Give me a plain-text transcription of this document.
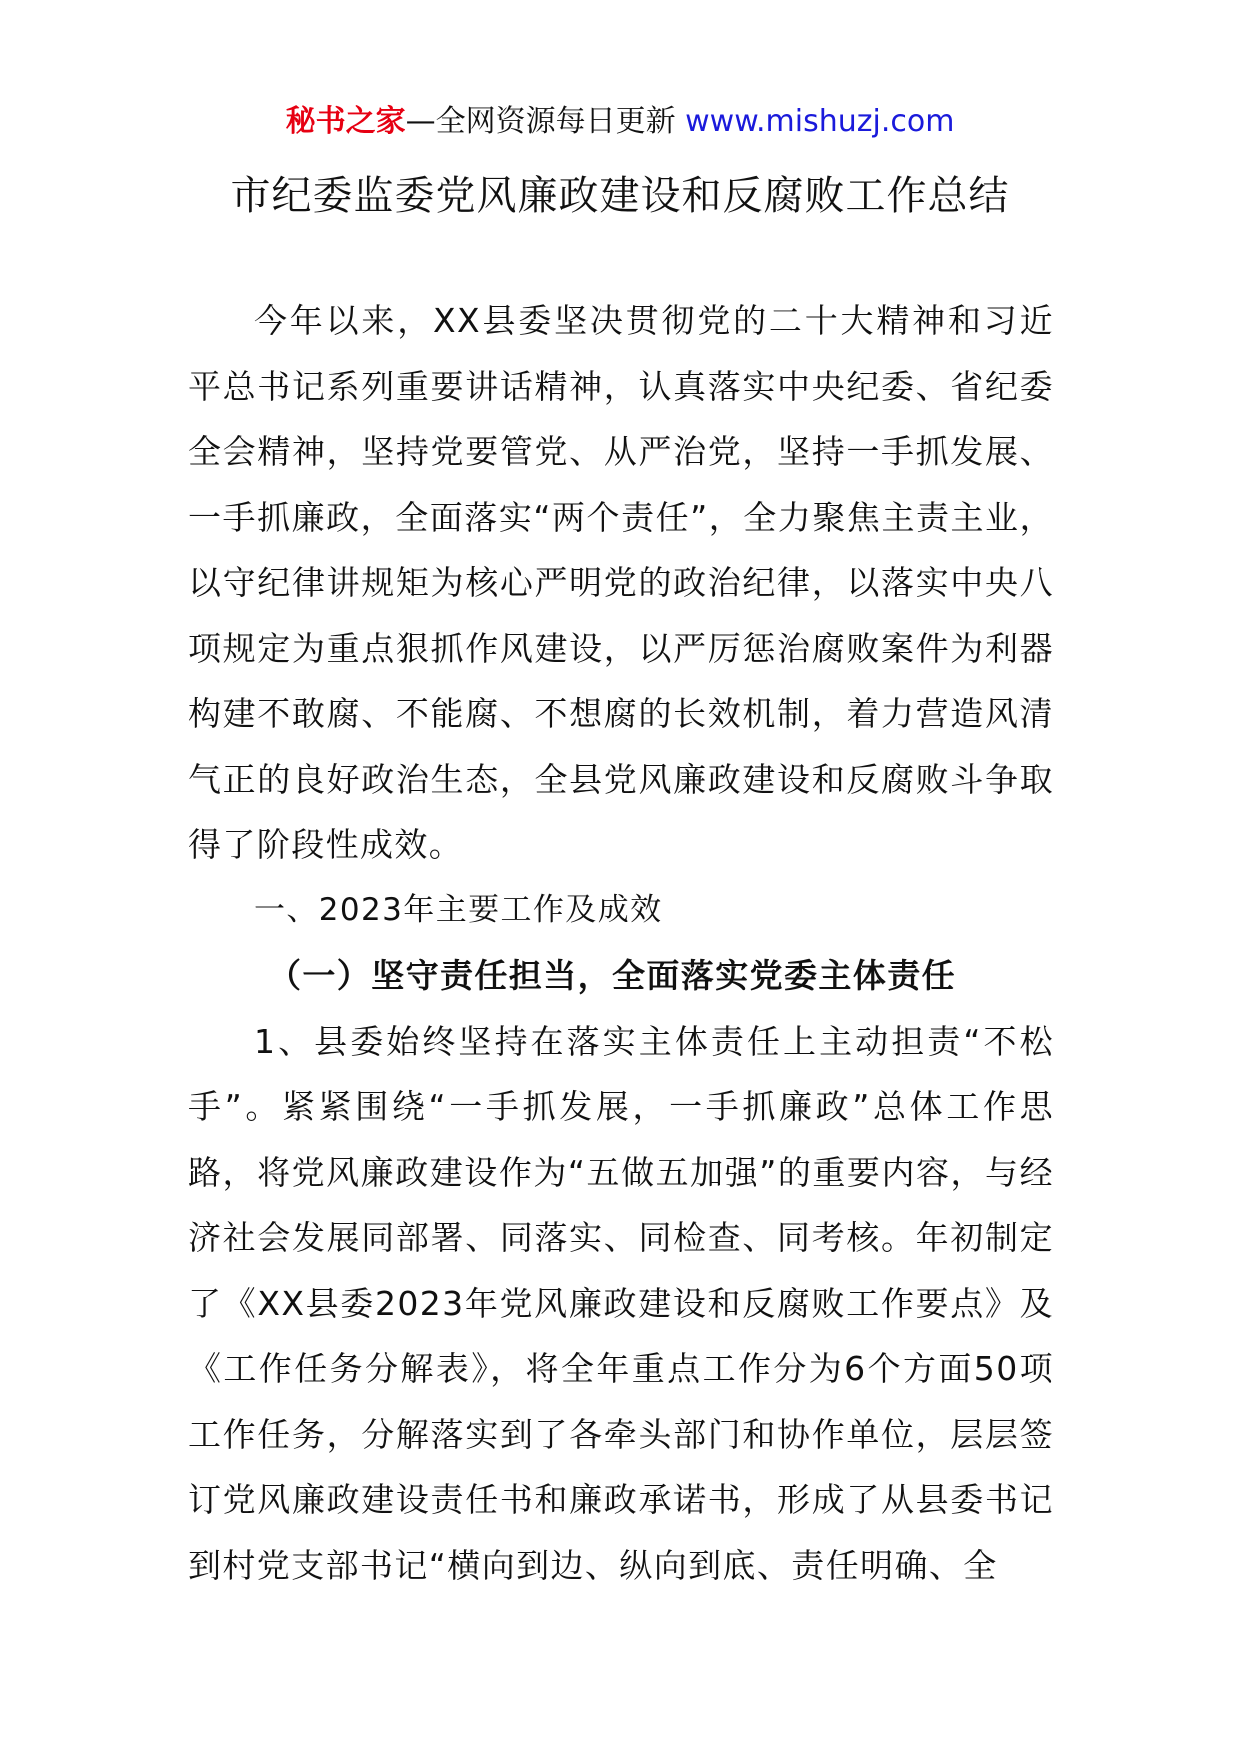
秘书之家—全网资源每日更新 www.mishuzj.com
市纪委监委党风廉政建设和反腐败工作总结

今年以来，XX县委坚决贯彻党的二十大精神和习近平总书记系列重要讲话精神，认真落实中央纪委、省纪委全会精神，坚持党要管党、从严治党，坚持一手抓发展、一手抓廉政，全面落实“两个责任”，全力聚焦主责主业，以守纪律讲规矩为核心严明党的政治纪律，以落实中央八项规定为重点狠抓作风建设，以严厉惩治腐败案件为利器构建不敢腐、不能腐、不想腐的长效机制，着力营造风清气正的良好政治生态，全县党风廉政建设和反腐败斗争取得了阶段性成效。

一、2023年主要工作及成效

（一）坚守责任担当，全面落实党委主体责任

1、县委始终坚持在落实主体责任上主动担责“不松手”。紧紧围绕“一手抓发展，一手抓廉政”总体工作思路，将党风廉政建设作为“五做五加强”的重要内容，与经济社会发展同部署、同落实、同检查、同考核。年初制定了《XX县委2023年党风廉政建设和反腐败工作要点》及《工作任务分解表》，将全年重点工作分为6个方面50项工作任务，分解落实到了各牵头部门和协作单位，层层签订党风廉政建设责任书和廉政承诺书，形成了从县委书记到村党支部书记“横向到边、纵向到底、责任明确、全
